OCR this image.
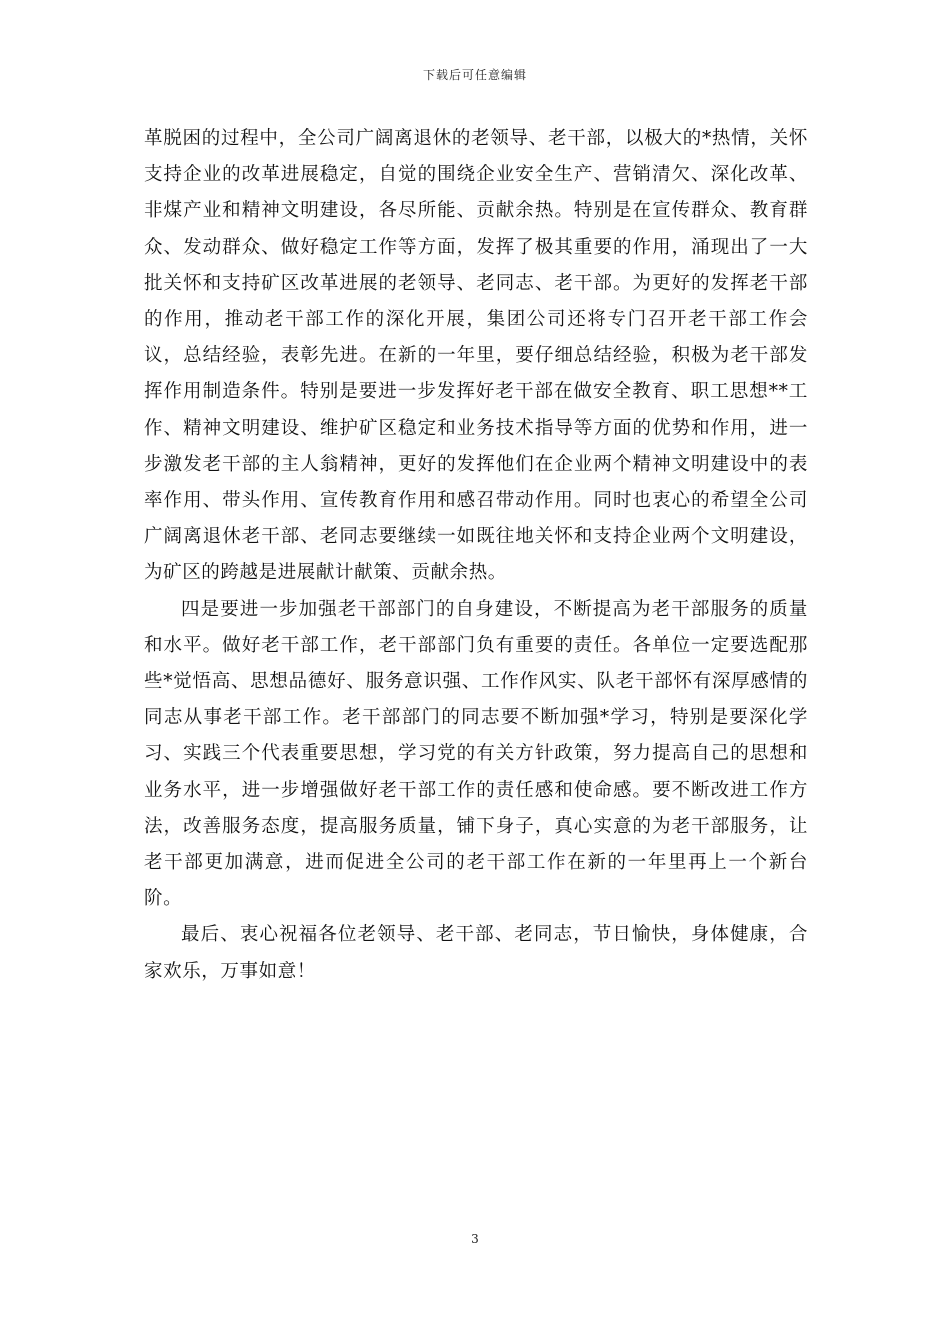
下载后可任意编辑

革脱困的过程中，全公司广阔离退休的老领导、老干部，以极大的*热情，关怀支持企业的改革进展稳定，自觉的围绕企业安全生产、营销清欠、深化改革、非煤产业和精神文明建设，各尽所能、贡献余热。特别是在宣传群众、教育群众、发动群众、做好稳定工作等方面，发挥了极其重要的作用，涌现出了一大批关怀和支持矿区改革进展的老领导、老同志、老干部。为更好的发挥老干部的作用，推动老干部工作的深化开展，集团公司还将专门召开老干部工作会议，总结经验，表彰先进。在新的一年里，要仔细总结经验，积极为老干部发挥作用制造条件。特别是要进一步发挥好老干部在做安全教育、职工思想**工作、精神文明建设、维护矿区稳定和业务技术指导等方面的优势和作用，进一步激发老干部的主人翁精神，更好的发挥他们在企业两个精神文明建设中的表率作用、带头作用、宣传教育作用和感召带动作用。同时也衷心的希望全公司广阔离退休老干部、老同志要继续一如既往地关怀和支持企业两个文明建设，为矿区的跨越是进展献计献策、贡献余热。

四是要进一步加强老干部部门的自身建设，不断提高为老干部服务的质量和水平。做好老干部工作，老干部部门负有重要的责任。各单位一定要选配那些*觉悟高、思想品德好、服务意识强、工作作风实、队老干部怀有深厚感情的同志从事老干部工作。老干部部门的同志要不断加强*学习，特别是要深化学习、实践三个代表重要思想，学习党的有关方针政策，努力提高自己的思想和业务水平，进一步增强做好老干部工作的责任感和使命感。要不断改进工作方法，改善服务态度，提高服务质量，铺下身子，真心实意的为老干部服务，让老干部更加满意，进而促进全公司的老干部工作在新的一年里再上一个新台阶。

最后、衷心祝福各位老领导、老干部、老同志，节日愉快，身体健康，合家欢乐，万事如意！

3
